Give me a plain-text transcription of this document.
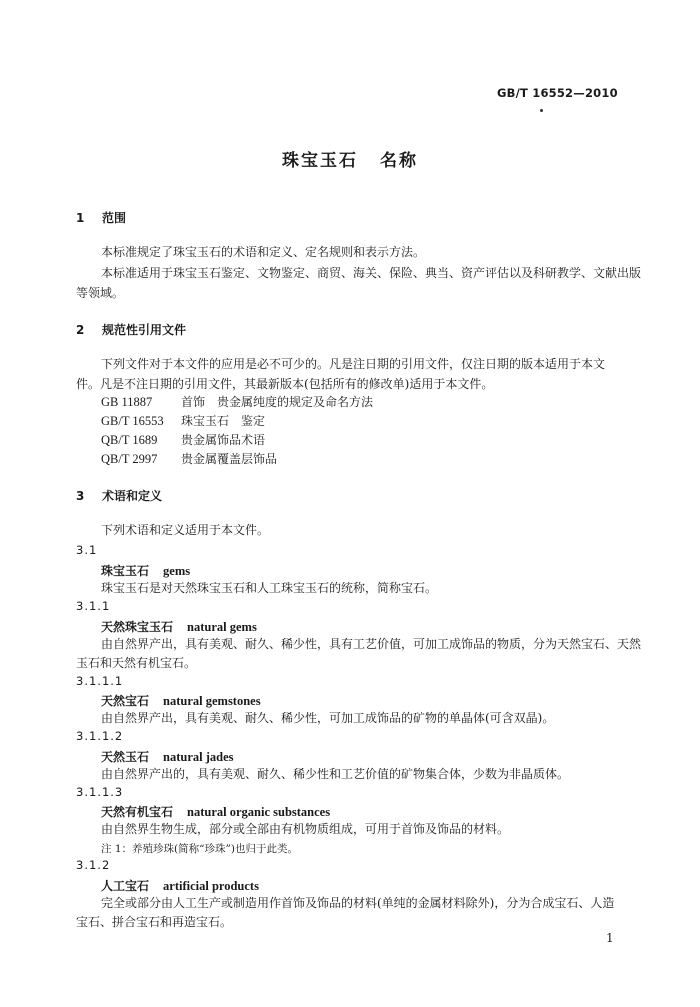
GB/T 16552—2010
珠宝玉石 名称
1 范围
本标准规定了珠宝玉石的术语和定义、定名规则和表示方法。
本标准适用于珠宝玉石鉴定、文物鉴定、商贸、海关、保险、典当、资产评估以及科研教学、文献出版
等领域。
2 规范性引用文件
下列文件对于本文件的应用是必不可少的。凡是注日期的引用文件，仅注日期的版本适用于本文
件。凡是不注日期的引用文件，其最新版本(包括所有的修改单)适用于本文件。
GB 11887 首饰　贵金属纯度的规定及命名方法
GB/T 16553 珠宝玉石　鉴定
QB/T 1689 贵金属饰品术语
QB/T 2997 贵金属覆盖层饰品
3 术语和定义
下列术语和定义适用于本文件。
3.1
珠宝玉石 gems
珠宝玉石是对天然珠宝玉石和人工珠宝玉石的统称，简称宝石。
3.1.1
天然珠宝玉石 natural gems
由自然界产出，具有美观、耐久、稀少性，具有工艺价值，可加工成饰品的物质，分为天然宝石、天然
玉石和天然有机宝石。
3.1.1.1
天然宝石 natural gemstones
由自然界产出，具有美观、耐久、稀少性，可加工成饰品的矿物的单晶体(可含双晶)。
3.1.1.2
天然玉石 natural jades
由自然界产出的，具有美观、耐久、稀少性和工艺价值的矿物集合体，少数为非晶质体。
3.1.1.3
天然有机宝石 natural organic substances
由自然界生物生成，部分或全部由有机物质组成，可用于首饰及饰品的材料。
注 1：养殖珍珠(简称“珍珠”)也归于此类。
3.1.2
人工宝石 artificial products
完全或部分由人工生产或制造用作首饰及饰品的材料(单纯的金属材料除外)，分为合成宝石、人造
宝石、拼合宝石和再造宝石。
1
